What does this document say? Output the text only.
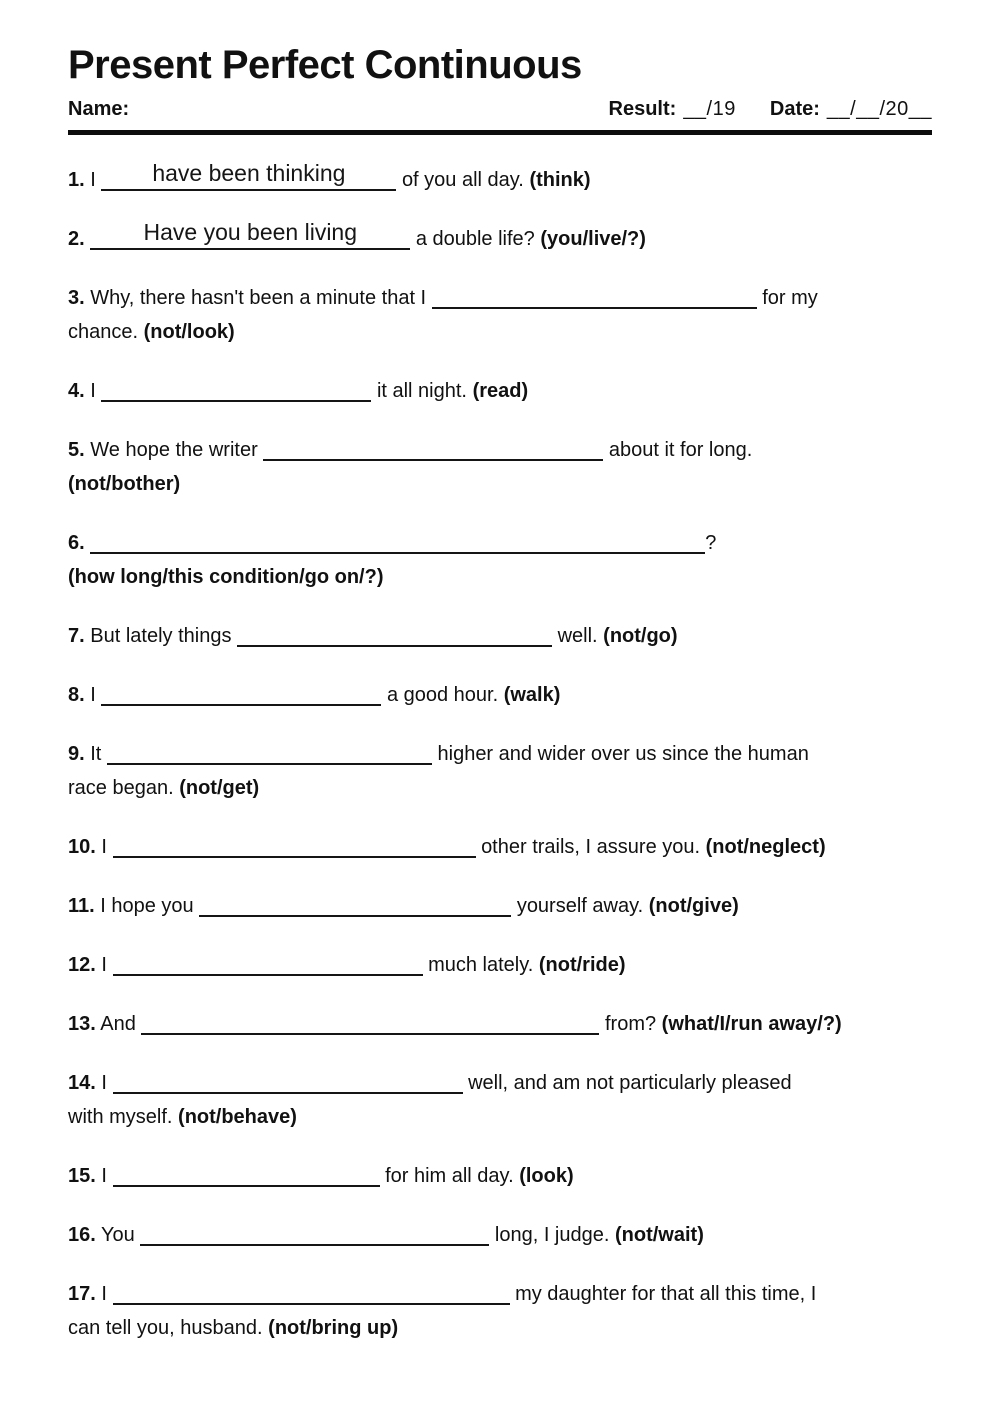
Present Perfect Continuous
Name:	Result: __/19 Date: __/__/20__
1. I	have been thinking	of you all day. (think)
2.	Have you been living	a double life? (you/live/?)
3. Why, there hasn't been a minute that I	for my
chance. (not/look)
4. I	it all night. (read)
5. We hope the writer	about it for long.
(not/bother)
6.	?
(how long/this condition/go on/?)
7. But lately things	well. (not/go)
8. I	a good hour. (walk)
9. It	higher and wider over us since the human
race began. (not/get)
10. I	other trails, I assure you. (not/neglect)
11. I hope you	yourself away. (not/give)
12. I	much lately. (not/ride)
13. And	from? (what/I/run away/?)
14. I	well, and am not particularly pleased
with myself. (not/behave)
15. I	for him all day. (look)
16. You	long, I judge. (not/wait)
17. I	my daughter for that all this time, I
can tell you, husband. (not/bring up)
